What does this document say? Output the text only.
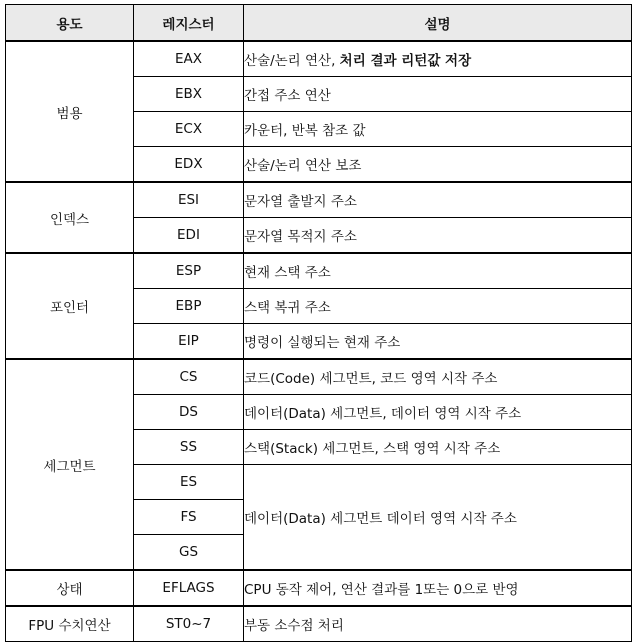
용도	레지스터	설명
범용	EAX	산술/논리 연산, 처리 결과 리턴값 저장
	EBX	간접 주소 연산
	ECX	카운터, 반복 참조 값
	EDX	산술/논리 연산 보조
인덱스	ESI	문자열 출발지 주소
	EDI	문자열 목적지 주소
포인터	ESP	현재 스택 주소
	EBP	스택 복귀 주소
	EIP	명령이 실행되는 현재 주소
세그먼트	CS	코드(Code) 세그먼트, 코드 영역 시작 주소
	DS	데이터(Data) 세그먼트, 데이터 영역 시작 주소
	SS	스택(Stack) 세그먼트, 스택 영역 시작 주소
	ES	데이터(Data) 세그먼트 데이터 영역 시작 주소
	FS	
	GS	
상태	EFLAGS	CPU 동작 제어, 연산 결과를 1또는 0으로 반영
FPU 수치연산	ST0~7	부동 소수점 처리
